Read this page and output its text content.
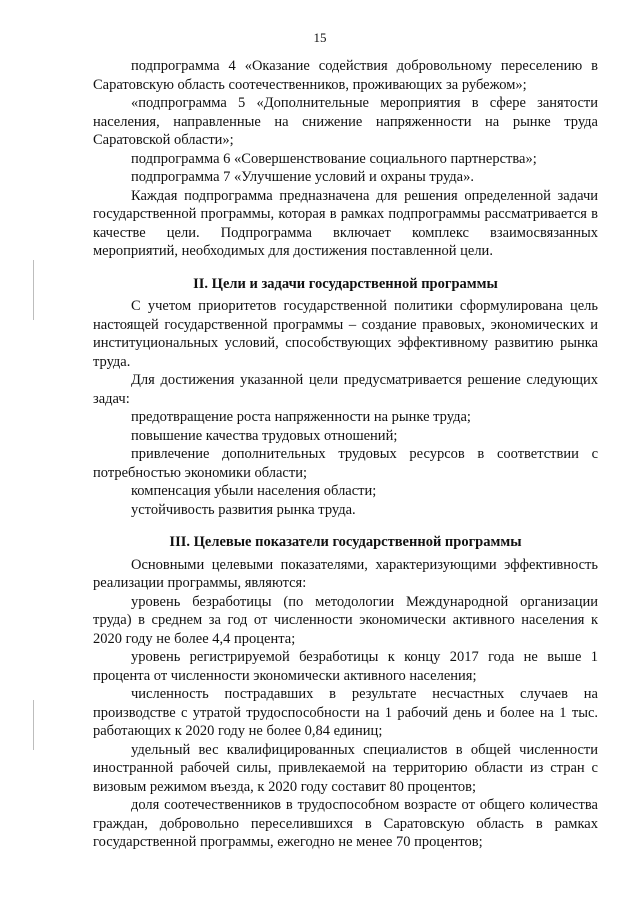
15

подпрограмма 4 «Оказание содействия добровольному переселению в Саратовскую область соотечественников, проживающих за рубежом»;

«подпрограмма 5 «Дополнительные мероприятия в сфере занятости населения, направленные на снижение напряженности на рынке труда Саратовской области»;

подпрограмма 6 «Совершенствование социального партнерства»;

подпрограмма 7 «Улучшение условий и охраны труда».

Каждая подпрограмма предназначена для решения определенной задачи государственной программы, которая в рамках подпрограммы рассматривается в качестве цели. Подпрограмма включает комплекс взаимосвязанных мероприятий, необходимых для достижения поставленной цели.

II. Цели и задачи государственной программы

С учетом приоритетов государственной политики сформулирована цель настоящей государственной программы – создание правовых, экономических и институциональных условий, способствующих эффективному развитию рынка труда.

Для достижения указанной цели предусматривается решение следующих задач:

предотвращение роста напряженности на рынке труда;

повышение качества трудовых отношений;

привлечение дополнительных трудовых ресурсов в соответствии с потребностью экономики области;

компенсация убыли населения области;

устойчивость развития рынка труда.

III. Целевые показатели государственной программы

Основными целевыми показателями, характеризующими эффективность реализации программы, являются:

уровень безработицы (по методологии Международной организации труда) в среднем за год от численности экономически активного населения к 2020 году не более 4,4 процента;

уровень регистрируемой безработицы к концу 2017 года не выше 1 процента от численности экономически активного населения;

численность пострадавших в результате несчастных случаев на производстве с утратой трудоспособности на 1 рабочий день и более на 1 тыс. работающих к 2020 году не более 0,84 единиц;

удельный вес квалифицированных специалистов в общей численности иностранной рабочей силы, привлекаемой на территорию области из стран с визовым режимом въезда, к 2020 году составит 80 процентов;

доля соотечественников в трудоспособном возрасте от общего количества граждан, добровольно переселившихся в Саратовскую область в рамках государственной программы, ежегодно не менее 70 процентов;
